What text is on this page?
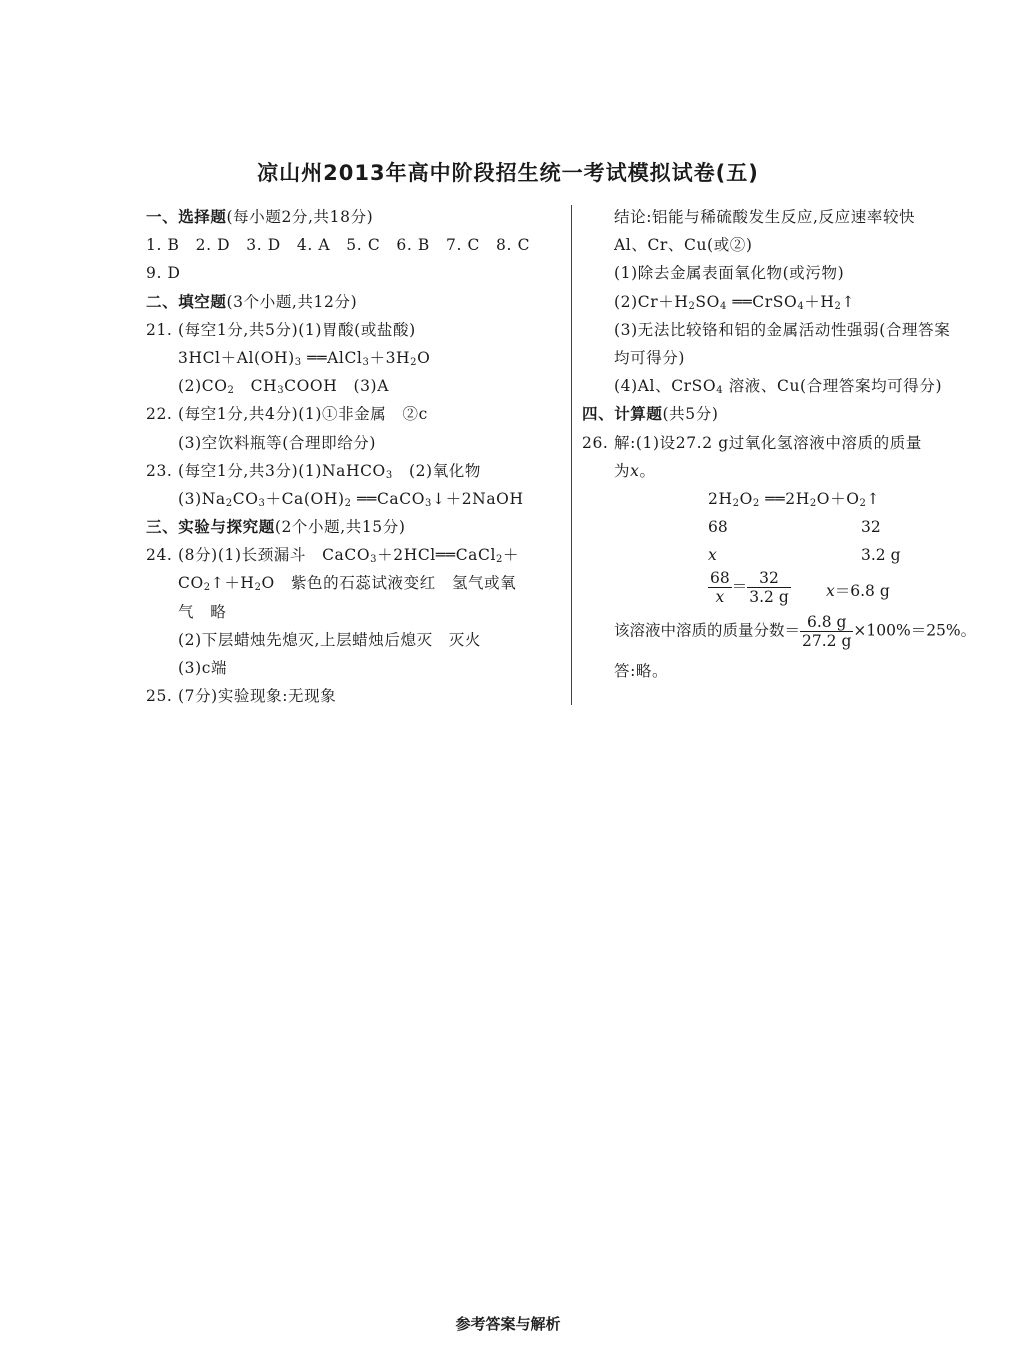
凉山州2013年高中阶段招生统一考试模拟试卷(五)
一、选择题(每小题2分,共18分)
1. B　2. D　3. D　4. A　5. C　6. B　7. C　8. C
9. D
二、填空题(3个小题,共12分)
21. (每空1分,共5分)(1)胃酸(或盐酸)
$3HCl+Al(OH)_3$ $══AlCl_3+3H_2O$
$(2)CO_2$　$CH_3COOH$　(3)A
22. (每空1分,共4分)(1)①非金属　②c
(3)空饮料瓶等(合理即给分)
23. (每空1分,共3分)(1)NaHCO$_3$　(2)氧化物
$(3)Na_2CO_3+Ca(OH)_2$ ══CaCO$_3$↓＋2NaOH
三、实验与探究题(2个小题,共15分)
24. (8分)(1)长颈漏斗　CaCO$_3$＋2HCl══CaCl$_2$＋
$CO_2↑+H_2O$　紫色的石蕊试液变红　氢气或氧
气　略
(2)下层蜡烛先熄灭,上层蜡烛后熄灭　灭火
(3)c端
25. (7分)实验现象:无现象
结论:铝能与稀硫酸发生反应,反应速率较快
Al、Cr、Cu(或②)
(1)除去金属表面氧化物(或污物)
$(2)Cr+H_2SO_4$ $══CrSO_4+H_2↑$
(3)无法比较铬和铝的金属活动性强弱(合理答案
均可得分)
(4)Al、CrSO$_4$ 溶液、Cu(合理答案均可得分)
四、计算题(共5分)
26. 解:(1)设27.2 g过氧化氢溶液中溶质的质量
为x。
$2H_2O_2$ $══2H_2O+O_2↑$
68	32
x	3.2 g
$\frac{68}{x} = \frac{32}{3.2 g} x=6.8$ g
该溶液中溶质的质量分数＝ $\frac{6.8 g}{27.2 g} \times 100\%=25\%$。
答:略。
参考答案与解析
